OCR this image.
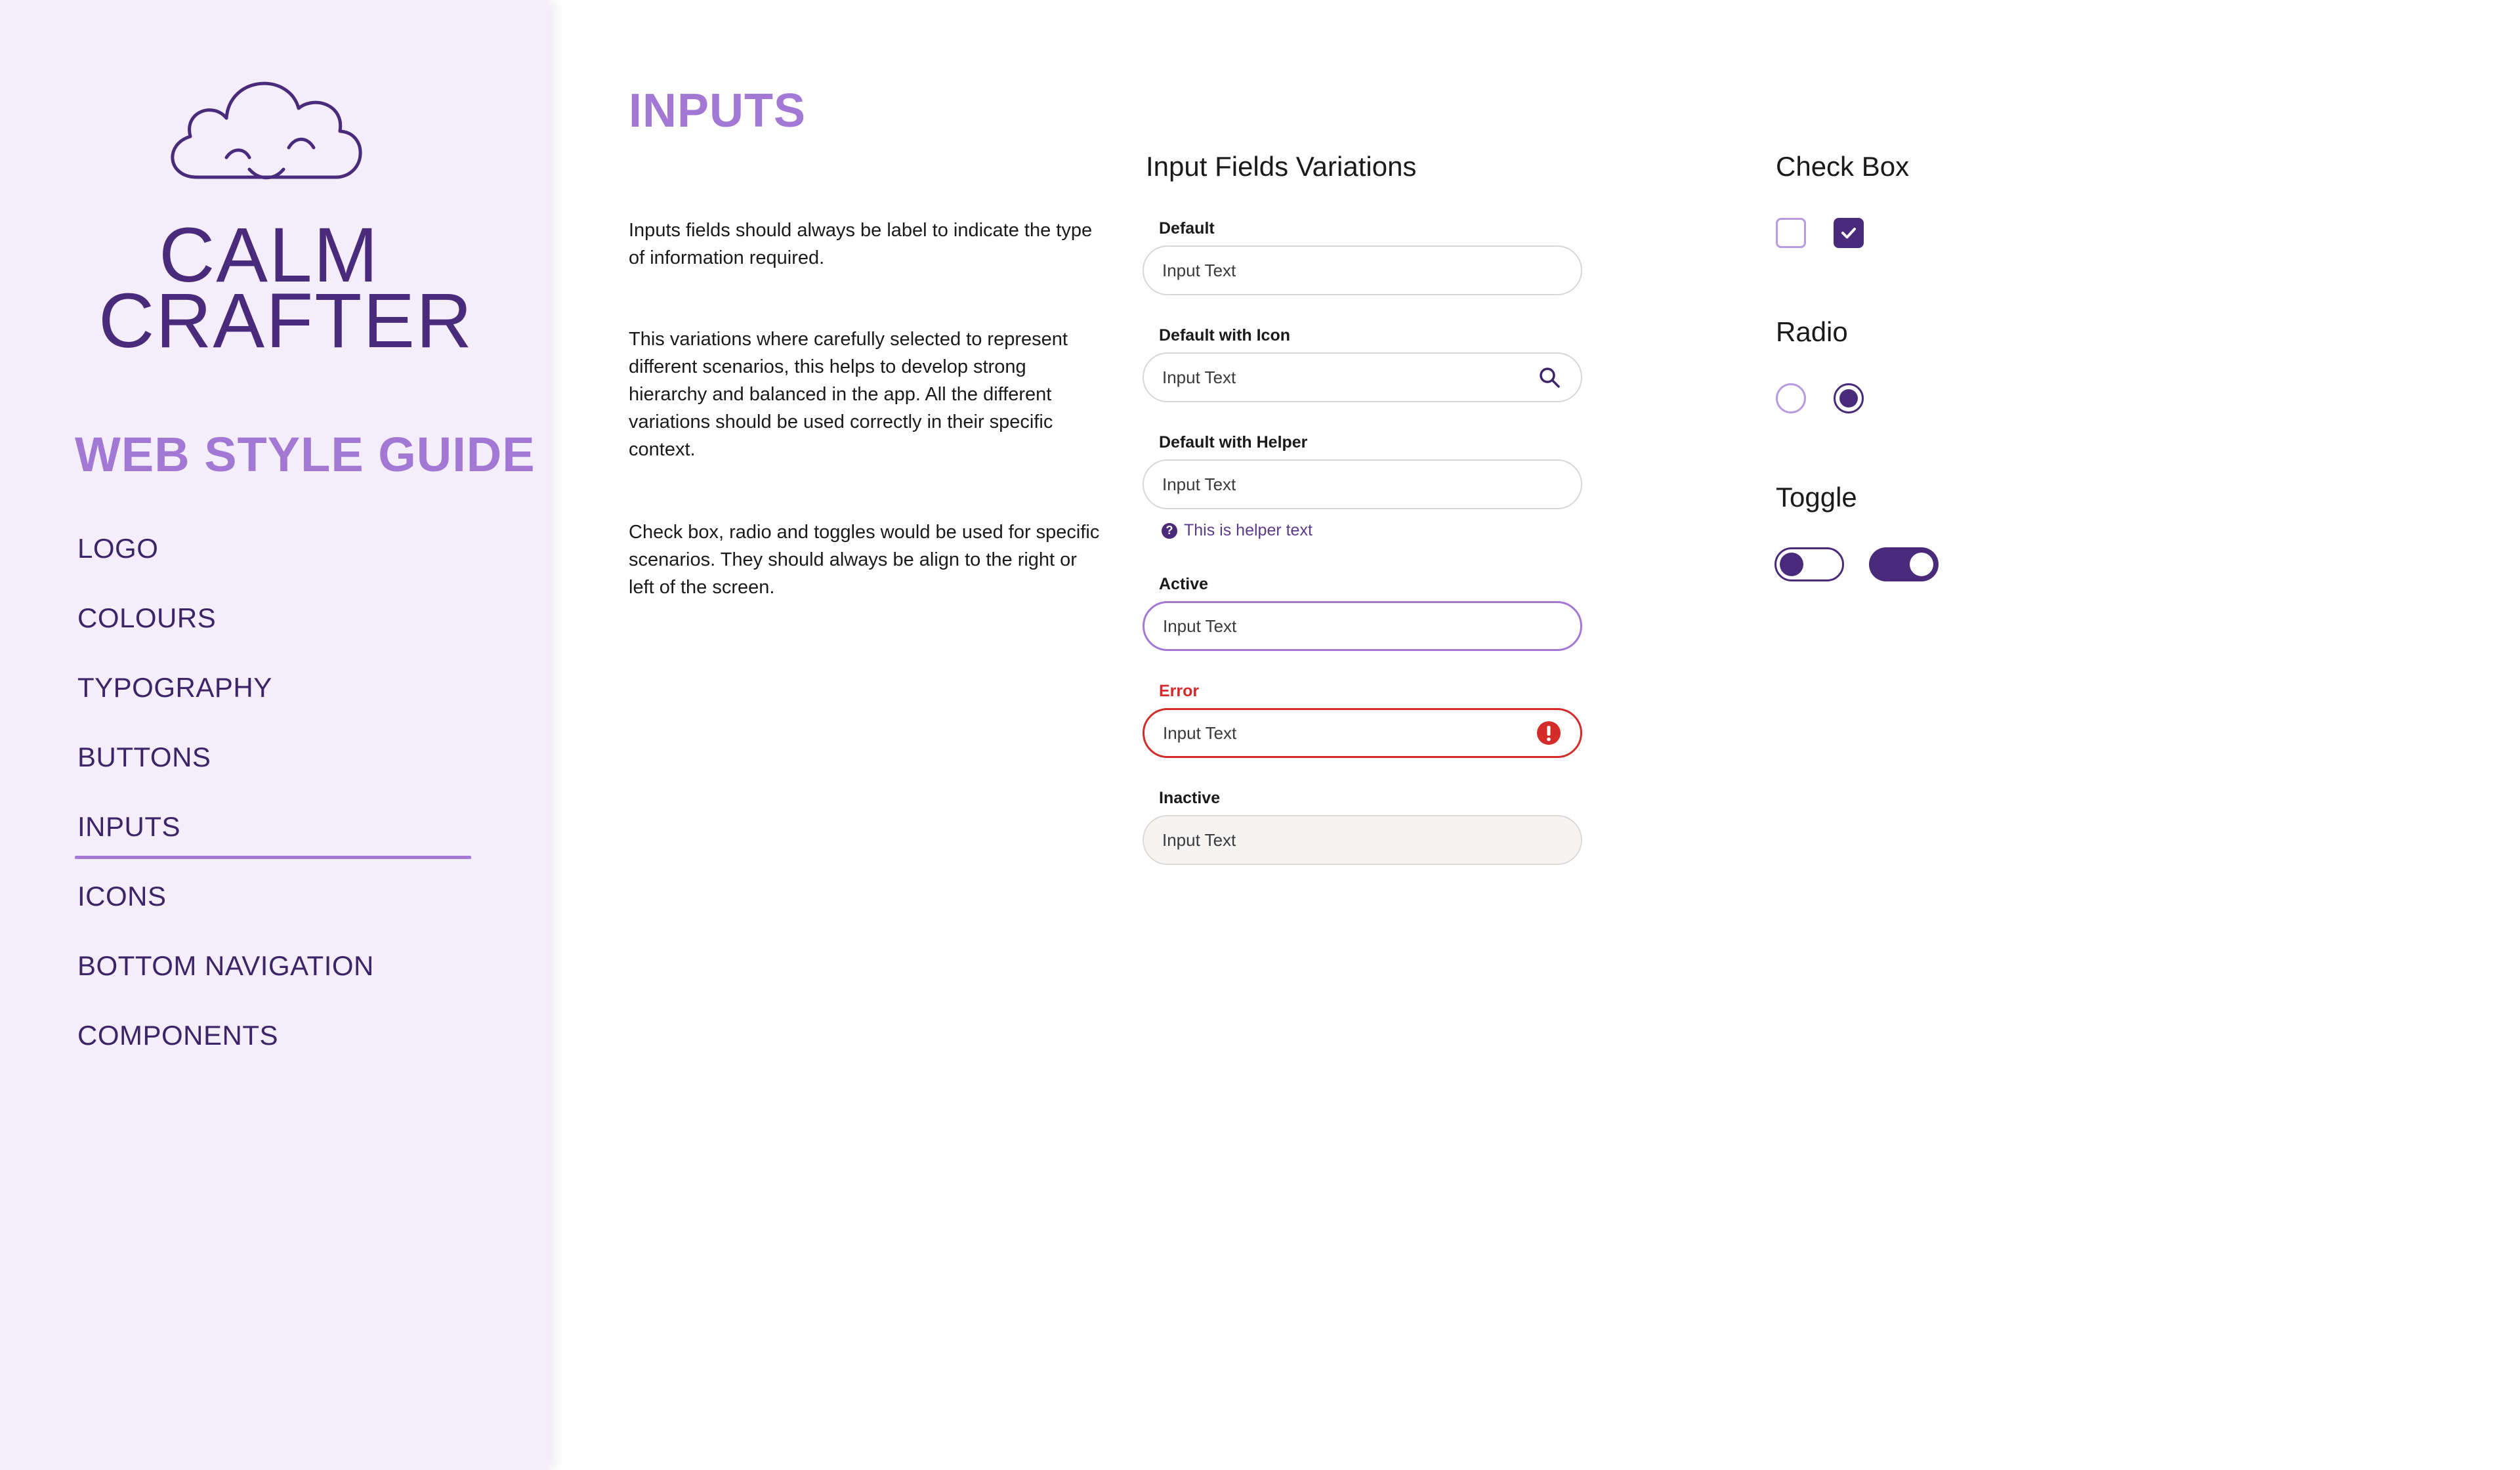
CALM
CRAFTER
WEB STYLE GUIDE
LOGO
COLOURS
TYPOGRAPHY
BUTTONS
INPUTS
ICONS
BOTTOM NAVIGATION
COMPONENTS
INPUTS

Inputs fields should always be label to indicate the type of information required.

This variations where carefully selected to represent different scenarios, this helps to develop strong hierarchy and balanced in the app. All the different variations should be used correctly in their specific context.

Check box, radio and toggles would be used for specific scenarios. They should always be align to the right or left of the screen.

Input Fields Variations
Default
Input Text
Default with Icon
Input Text
Default with Helper
Input Text
? This is helper text
Active
Input Text
Error
Input Text
Inactive
Input Text
Check Box
Radio
Toggle
